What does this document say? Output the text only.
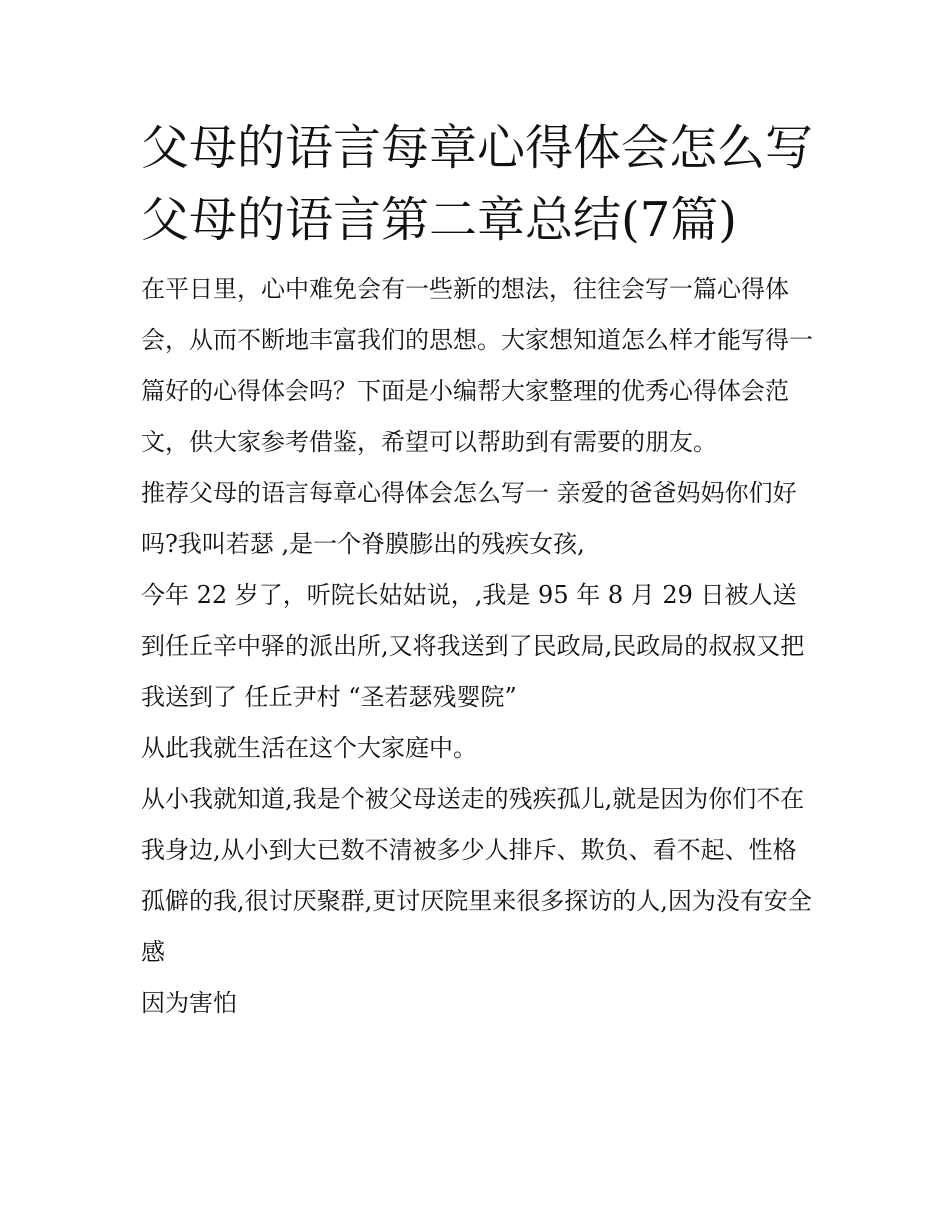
父母的语言每章心得体会怎么写 父母的语言第二章总结(7篇)

在平日里，心中难免会有一些新的想法，往往会写一篇心得体会，从而不断地丰富我们的思想。大家想知道怎么样才能写得一篇好的心得体会吗？下面是小编帮大家整理的优秀心得体会范文，供大家参考借鉴，希望可以帮助到有需要的朋友。

推荐父母的语言每章心得体会怎么写一 亲爱的爸爸妈妈你们好吗?我叫若瑟 ,是一个脊膜膨出的残疾女孩,

今年 22 岁了，听院长姑姑说，,我是 95 年 8 月 29 日被人送到任丘辛中驿的派出所,又将我送到了民政局,民政局的叔叔又把我送到了 任丘尹村 “圣若瑟残婴院”

从此我就生活在这个大家庭中。

从小我就知道,我是个被父母送走的残疾孤儿,就是因为你们不在我身边,从小到大已数不清被多少人排斥、欺负、看不起、性格孤僻的我,很讨厌聚群,更讨厌院里来很多探访的人,因为没有安全感

因为害怕
